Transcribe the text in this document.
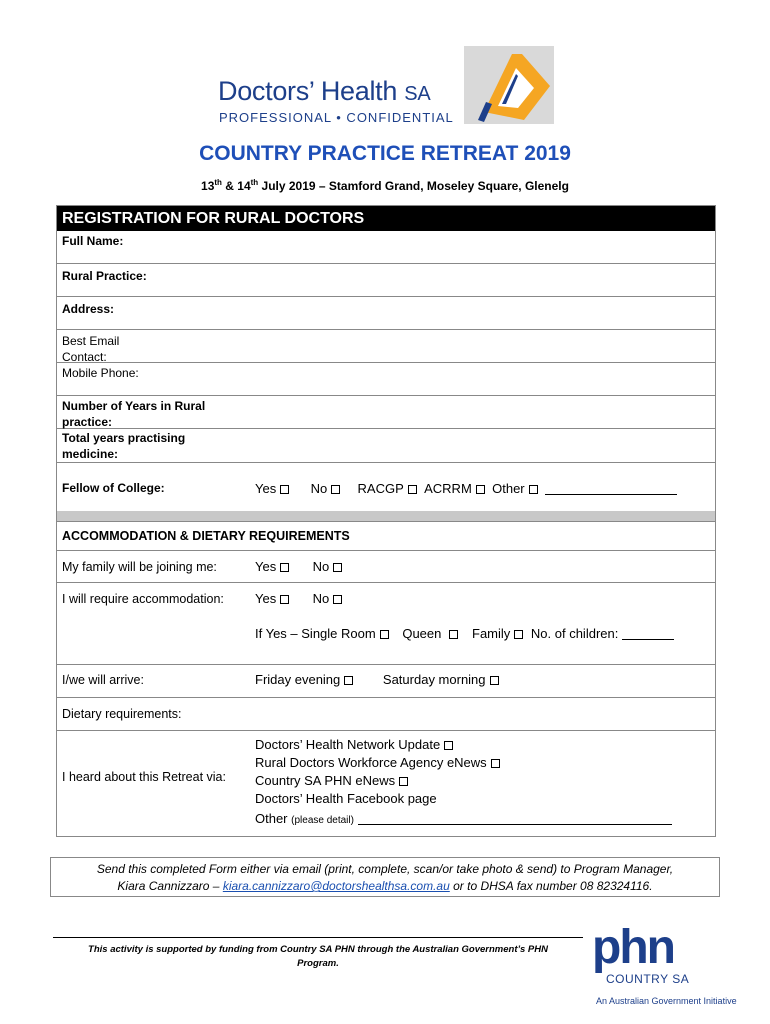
Doctors’ Health SA
PROFESSIONAL • CONFIDENTIAL
COUNTRY PRACTICE RETREAT 2019
13th & 14th July 2019 – Stamford Grand, Moseley Square, Glenelg
REGISTRATION FOR RURAL DOCTORS
Full Name:
Rural Practice:
Address:
Best Email
Contact:
Mobile Phone:
Number of Years in Rural
practice:
Total years practising
medicine:
Fellow of College:	Yes	No RACGP ACRRM Other
ACCOMMODATION & DIETARY REQUIREMENTS
My family will be joining me:	Yes	No
I will require accommodation:	Yes	No
If Yes – Single Room Queen Family No. of children:
I/we will arrive:	Friday evening	Saturday morning
Dietary requirements:
I heard about this Retreat via:
Doctors’ Health Network Update
Rural Doctors Workforce Agency eNews
Country SA PHN eNews
Doctors’ Health Facebook page
Other (please detail)
Send this completed Form either via email (print, complete, scan/or take photo & send) to Program Manager,
Kiara Cannizzaro – kiara.cannizzaro@doctorshealthsa.com.au or to DHSA fax number 08 82324116.
This activity is supported by funding from Country SA PHN through the Australian Government’s PHN
Program.	phn
COUNTRY SA
An Australian Government Initiative
